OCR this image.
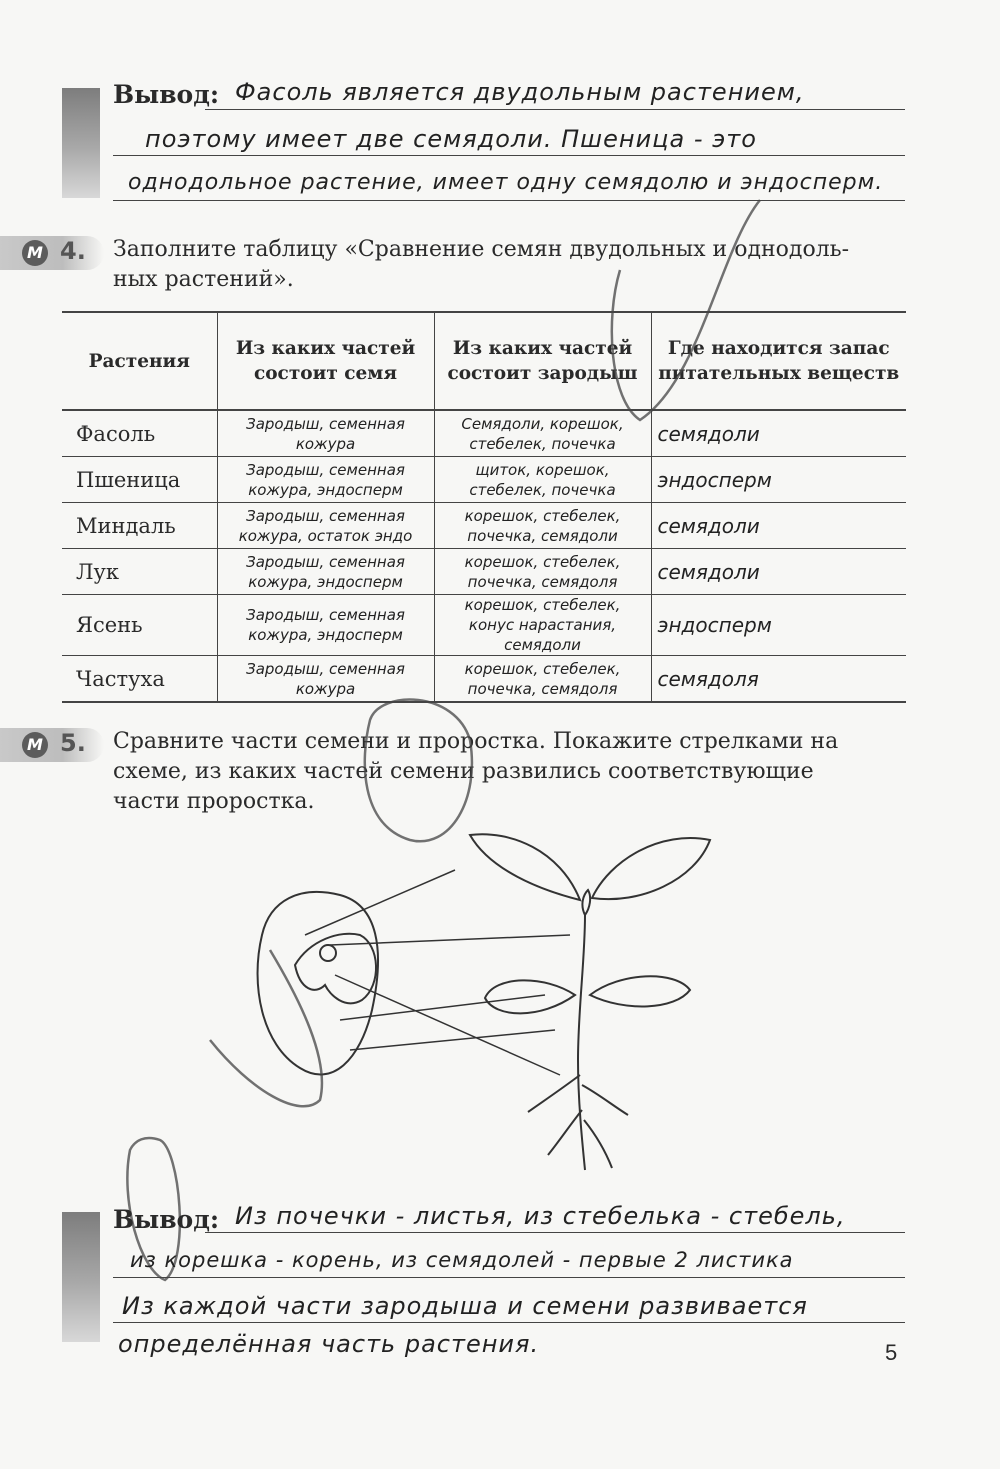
Вывод: Фасоль является двудольным растением,
поэтому имеет две семядоли. Пшеница - это
однодольное растение, имеет одну семядолю и эндосперм.
М 4. Заполните таблицу «Сравнение семян двудольных и однодоль-
ных растений».
Растения	Из каких частей состоит семя	Из каких частей состоит зародыш	Где находится запас питательных веществ
Фасоль	Зародыш, семенная кожура	Семядоли, корешок, стебелек, почечка	семядоли
Пшеница	Зародыш, семенная кожура, эндосперм	щиток, корешок, стебелек, почечка	эндосперм
Миндаль	Зародыш, семенная кожура, остаток эндо	корешок, стебелек, почечка, семядоли	семядоли
Лук	Зародыш, семенная кожура, эндосперм	корешок, стебелек, почечка, семядоля	семядоли
Ясень	Зародыш, семенная кожура, эндосперм	корешок, стебелек, конус нарастания, семядоли	эндосперм
Частуха	Зародыш, семенная кожура	корешок, стебелек, почечка, семядоля	семядоля
М 5. Сравните части семени и проростка. Покажите стрелками на
схеме, из каких частей семени развились соответствующие
части проростка.
Вывод: Из почечки - листья, из стебелька - стебель,
из корешка - корень, из семядолей - первые 2 листика
Из каждой части зародыша и семени развивается
определённая часть растения.	5
